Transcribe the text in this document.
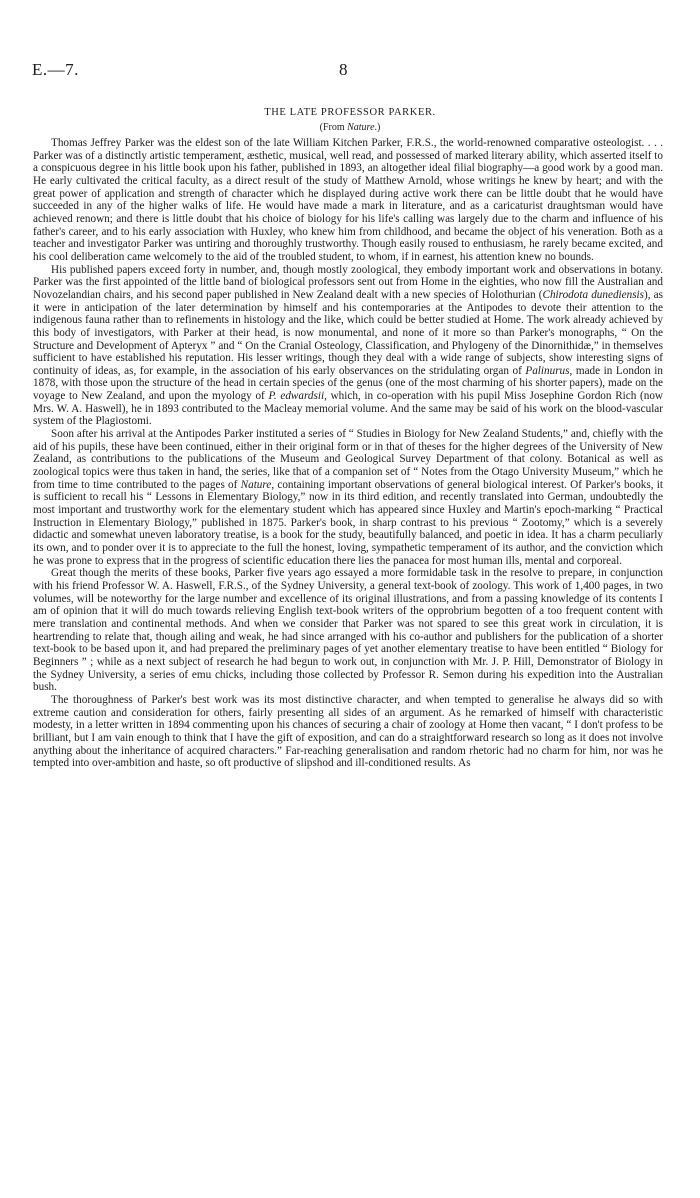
E.—7.	8
THE LATE PROFESSOR PARKER.
(From Nature.)

Thomas Jeffrey Parker was the eldest son of the late William Kitchen Parker, F.R.S., the world-renowned comparative osteologist. . . . Parker was of a distinctly artistic temperament, æsthetic, musical, well read, and possessed of marked literary ability, which asserted itself to a conspicuous degree in his little book upon his father, published in 1893, an altogether ideal filial biography—a good work by a good man. He early cultivated the critical faculty, as a direct result of the study of Matthew Arnold, whose writings he knew by heart; and with the great power of application and strength of character which he displayed during active work there can be little doubt that he would have succeeded in any of the higher walks of life. He would have made a mark in literature, and as a caricaturist draughtsman would have achieved renown; and there is little doubt that his choice of biology for his life's calling was largely due to the charm and influence of his father's career, and to his early association with Huxley, who knew him from childhood, and became the object of his veneration. Both as a teacher and investigator Parker was untiring and thoroughly trustworthy. Though easily roused to enthusiasm, he rarely became excited, and his cool deliberation came welcomely to the aid of the troubled student, to whom, if in earnest, his attention knew no bounds.

His published papers exceed forty in number, and, though mostly zoological, they embody important work and observations in botany. Parker was the first appointed of the little band of biological professors sent out from Home in the eighties, who now fill the Australian and Novozelandian chairs, and his second paper published in New Zealand dealt with a new species of Holothurian (Chirodota dunediensis), as it were in anticipation of the later determination by himself and his contemporaries at the Antipodes to devote their attention to the indigenous fauna rather than to refinements in histology and the like, which could be better studied at Home. The work already achieved by this body of investigators, with Parker at their head, is now monumental, and none of it more so than Parker's monographs, “ On the Structure and Development of Apteryx ” and “ On the Cranial Osteology, Classification, and Phylogeny of the Dinornithidæ,” in themselves sufficient to have established his reputation. His lesser writings, though they deal with a wide range of subjects, show interesting signs of continuity of ideas, as, for example, in the association of his early observances on the stridulating organ of Palinurus, made in London in 1878, with those upon the structure of the head in certain species of the genus (one of the most charming of his shorter papers), made on the voyage to New Zealand, and upon the myology of P. edwardsii, which, in co-operation with his pupil Miss Josephine Gordon Rich (now Mrs. W. A. Haswell), he in 1893 contributed to the Macleay memorial volume. And the same may be said of his work on the blood-vascular system of the Plagiostomi.

Soon after his arrival at the Antipodes Parker instituted a series of “ Studies in Biology for New Zealand Students,” and, chiefly with the aid of his pupils, these have been continued, either in their original form or in that of theses for the higher degrees of the University of New Zealand, as contributions to the publications of the Museum and Geological Survey Department of that colony. Botanical as well as zoological topics were thus taken in hand, the series, like that of a companion set of “ Notes from the Otago University Museum,” which he from time to time contributed to the pages of Nature, containing important observations of general biological interest. Of Parker's books, it is sufficient to recall his “ Lessons in Elementary Biology,” now in its third edition, and recently translated into German, undoubtedly the most important and trustworthy work for the elementary student which has appeared since Huxley and Martin's epoch-marking “ Practical Instruction in Elementary Biology,” published in 1875. Parker's book, in sharp contrast to his previous “ Zootomy,” which is a severely didactic and somewhat uneven laboratory treatise, is a book for the study, beautifully balanced, and poetic in idea. It has a charm peculiarly its own, and to ponder over it is to appreciate to the full the honest, loving, sympathetic temperament of its author, and the conviction which he was prone to express that in the progress of scientific education there lies the panacea for most human ills, mental and corporeal.

Great though the merits of these books, Parker five years ago essayed a more formidable task in the resolve to prepare, in conjunction with his friend Professor W. A. Haswell, F.R.S., of the Sydney University, a general text-book of zoology. This work of 1,400 pages, in two volumes, will be noteworthy for the large number and excellence of its original illustrations, and from a passing knowledge of its contents I am of opinion that it will do much towards relieving English text-book writers of the opprobrium begotten of a too frequent content with mere translation and continental methods. And when we consider that Parker was not spared to see this great work in circulation, it is heartrending to relate that, though ailing and weak, he had since arranged with his co-author and publishers for the publication of a shorter text-book to be based upon it, and had prepared the preliminary pages of yet another elementary treatise to have been entitled “ Biology for Beginners ” ; while as a next subject of research he had begun to work out, in conjunction with Mr. J. P. Hill, Demonstrator of Biology in the Sydney University, a series of emu chicks, including those collected by Professor R. Semon during his expedition into the Australian bush.

The thoroughness of Parker's best work was its most distinctive character, and when tempted to generalise he always did so with extreme caution and consideration for others, fairly presenting all sides of an argument. As he remarked of himself with characteristic modesty, in a letter written in 1894 commenting upon his chances of securing a chair of zoology at Home then vacant, “ I don't profess to be brilliant, but I am vain enough to think that I have the gift of exposition, and can do a straightforward research so long as it does not involve anything about the inheritance of acquired characters.” Far-reaching generalisation and random rhetoric had no charm for him, nor was he tempted into over-ambition and haste, so oft productive of slipshod and ill-conditioned results. As
